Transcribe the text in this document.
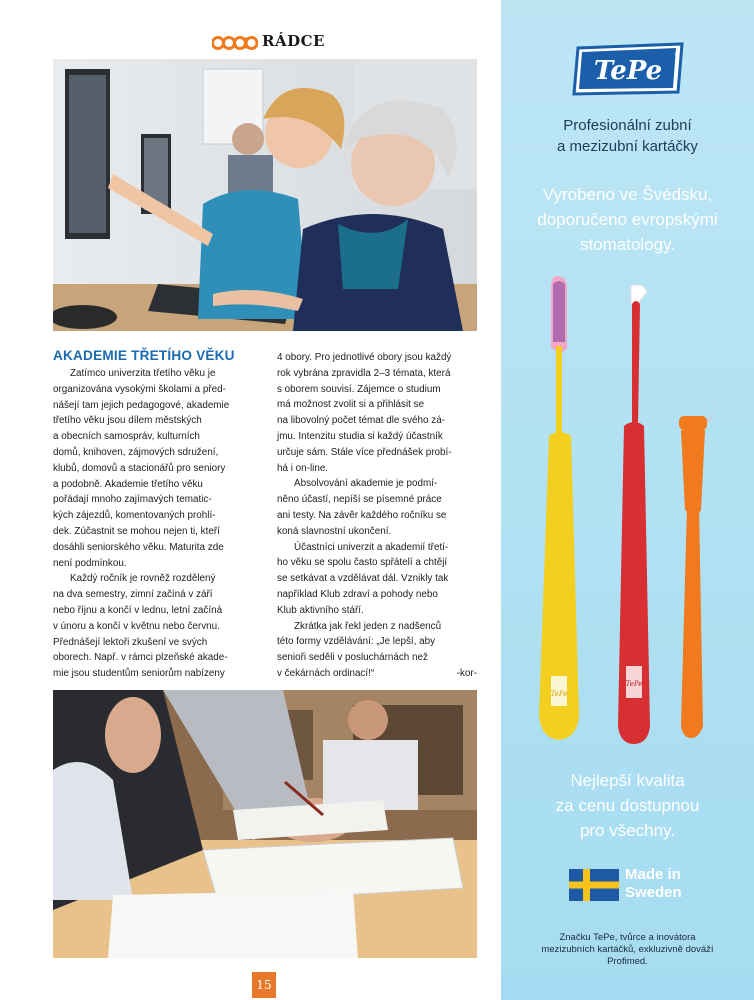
RÁDCE
AKADEMIE TŘETÍHO VĚKU
Zatímco univerzita třetího věku je
organizována vysokými školami a před-
nášejí tam jejich pedagogové, akademie
třetího věku jsou dílem městských
a obecních samospráv, kulturních
domů, knihoven, zájmových sdružení,
klubů, domovů a stacionářů pro seniory
a podobně. Akademie třetího věku
pořádají mnoho zajímavých tematic-
kých zájezdů, komentovaných prohlí-
dek. Zúčastnit se mohou nejen ti, kteří
dosáhli seniorského věku. Maturita zde
není podmínkou.
Každý ročník je rovněž rozdělený
na dva semestry, zimní začíná v září
nebo říjnu a končí v lednu, letní začíná
v únoru a končí v květnu nebo červnu.
Přednášejí lektoři zkušení ve svých
oborech. Např. v rámci plzeňské akade-
mie jsou studentům seniorům nabízeny
4 obory. Pro jednotlivé obory jsou každý
rok vybrána zpravidla 2–3 témata, která
s oborem souvisí. Zájemce o studium
má možnost zvolit si a přihlásit se
na libovolný počet témat dle svého zá-
jmu. Intenzitu studia si každý účastník
určuje sám. Stále více přednášek probí-
há i on-line.
Absolvování akademie je podmí-
něno účastí, nepíší se písemné práce
ani testy. Na závěr každého ročníku se
koná slavnostní ukončení.
Účastníci univerzit a akademií třetí-
ho věku se spolu často spřátelí a chtějí
se setkávat a vzdělávat dál. Vznikly tak
například Klub zdraví a pohody nebo
Klub aktivního stáří.
Zkrátka jak řekl jeden z nadšenců
této formy vzdělávání: „Je lepší, aby
senioři seděli v posluchárnách než
v čekárnách ordinací!“	-kor-
15
TePe
®
Profesionální zubní
a mezizubní kartáčky
Vyrobeno ve Švédsku,
doporučeno evropskými
stomatology.
TePe
TePe
Nejlepší kvalita
za cenu dostupnou
pro všechny.
Made in
Sweden
Značku TePe, tvůrce a inovátora
mezizubních kartáčků, exkluzivně dováží
Profimed.
